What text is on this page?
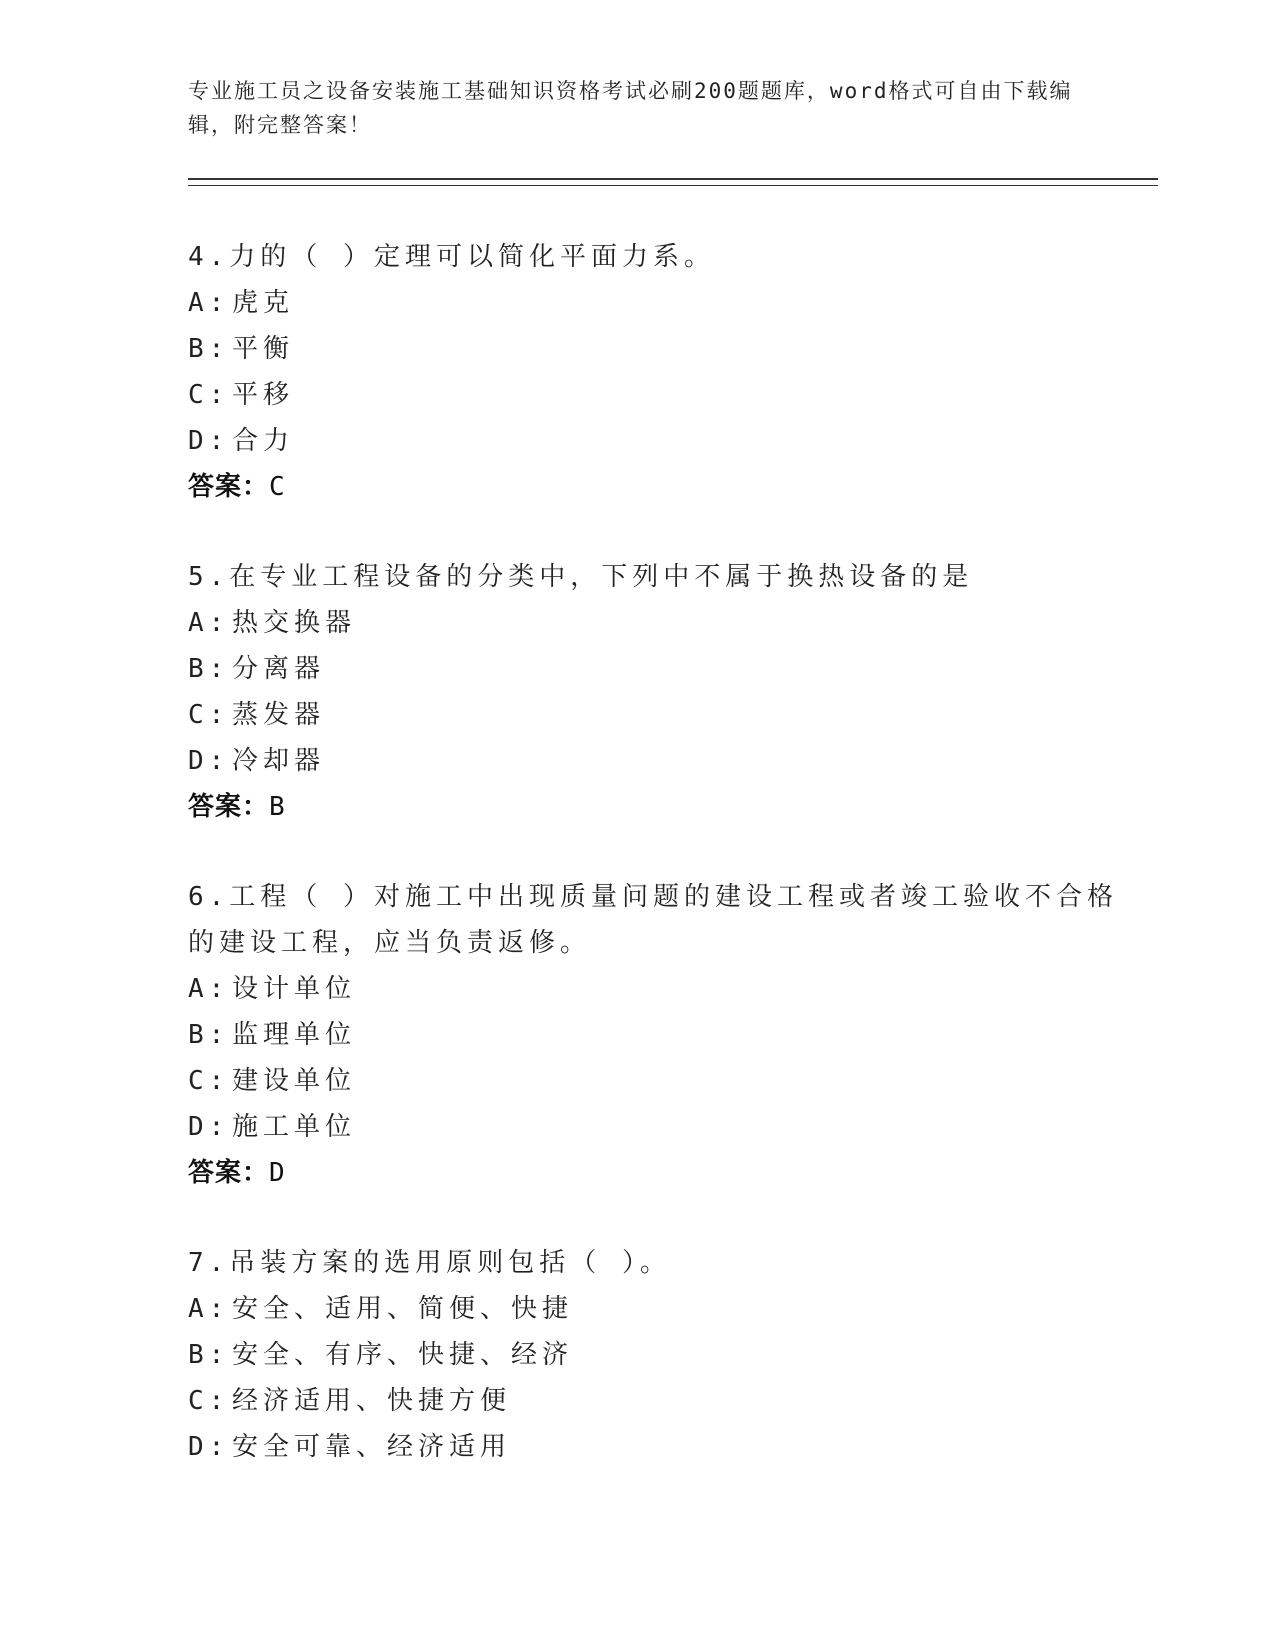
专业施工员之设备安装施工基础知识资格考试必刷200题题库，word格式可自由下载编辑，附完整答案！
4.力的（ ）定理可以简化平面力系。
A: 虎克
B: 平衡
C: 平移
D: 合力
答案：C
5.在专业工程设备的分类中，下列中不属于换热设备的是
A: 热交换器
B: 分离器
C: 蒸发器
D: 冷却器
答案：B
6.工程（ ）对施工中出现质量问题的建设工程或者竣工验收不合格的建设工程，应当负责返修。
A: 设计单位
B: 监理单位
C: 建设单位
D: 施工单位
答案：D
7.吊装方案的选用原则包括（ ）。
A: 安全、适用、简便、快捷
B: 安全、有序、快捷、经济
C: 经济适用、快捷方便
D: 安全可靠、经济适用
